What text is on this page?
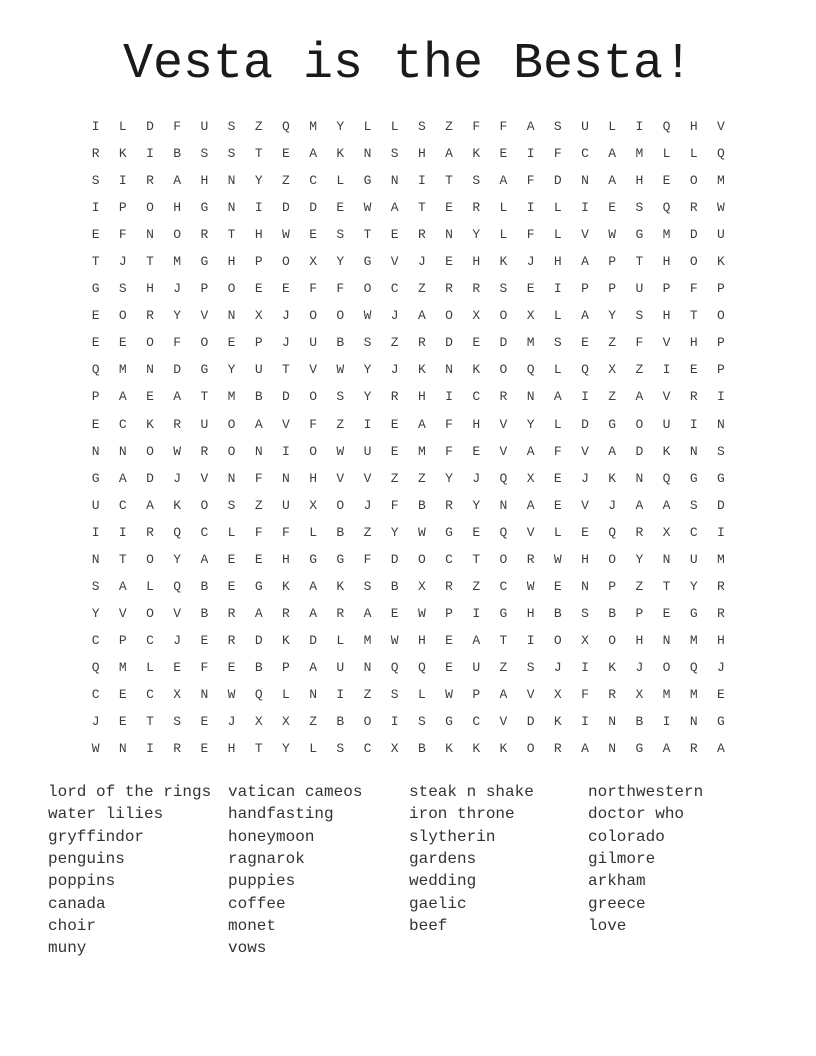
Vesta is the Besta!
I	L	D	F	U	S	Z	Q	M	Y	L	L	S	Z	F	F	A	S	U	L	I	Q	H	V
R	K	I	B	S	S	T	E	A	K	N	S	H	A	K	E	I	F	C	A	M	L	L	Q
S	I	R	A	H	N	Y	Z	C	L	G	N	I	T	S	A	F	D	N	A	H	E	O	M
I	P	O	H	G	N	I	D	D	E	W	A	T	E	R	L	I	L	I	E	S	Q	R	W
E	F	N	O	R	T	H	W	E	S	T	E	R	N	Y	L	F	L	V	W	G	M	D	U
T	J	T	M	G	H	P	O	X	Y	G	V	J	E	H	K	J	H	A	P	T	H	O	K
G	S	H	J	P	O	E	E	F	F	O	C	Z	R	R	S	E	I	P	P	U	P	F	P
E	O	R	Y	V	N	X	J	O	O	W	J	A	O	X	O	X	L	A	Y	S	H	T	O
E	E	O	F	O	E	P	J	U	B	S	Z	R	D	E	D	M	S	E	Z	F	V	H	P
Q	M	N	D	G	Y	U	T	V	W	Y	J	K	N	K	O	Q	L	Q	X	Z	I	E	P
P	A	E	A	T	M	B	D	O	S	Y	R	H	I	C	R	N	A	I	Z	A	V	R	I
E	C	K	R	U	O	A	V	F	Z	I	E	A	F	H	V	Y	L	D	G	O	U	I	N
N	N	O	W	R	O	N	I	O	W	U	E	M	F	E	V	A	F	V	A	D	K	N	S
G	A	D	J	V	N	F	N	H	V	V	Z	Z	Y	J	Q	X	E	J	K	N	Q	G	G
U	C	A	K	O	S	Z	U	X	O	J	F	B	R	Y	N	A	E	V	J	A	A	S	D
I	I	R	Q	C	L	F	F	L	B	Z	Y	W	G	E	Q	V	L	E	Q	R	X	C	I
N	T	O	Y	A	E	E	H	G	G	F	D	O	C	T	O	R	W	H	O	Y	N	U	M
S	A	L	Q	B	E	G	K	A	K	S	B	X	R	Z	C	W	E	N	P	Z	T	Y	R
Y	V	O	V	B	R	A	R	A	R	A	E	W	P	I	G	H	B	S	B	P	E	G	R
C	P	C	J	E	R	D	K	D	L	M	W	H	E	A	T	I	O	X	O	H	N	M	H
Q	M	L	E	F	E	B	P	A	U	N	Q	Q	E	U	Z	S	J	I	K	J	O	Q	J
C	E	C	X	N	W	Q	L	N	I	Z	S	L	W	P	A	V	X	F	R	X	M	M	E
J	E	T	S	E	J	X	X	Z	B	O	I	S	G	C	V	D	K	I	N	B	I	N	G
W	N	I	R	E	H	T	Y	L	S	C	X	B	K	K	K	O	R	A	N	G	A	R	A
lord of the rings
water lilies
gryffindor
penguins
poppins
canada
choir
muny
vatican cameos
handfasting
honeymoon
ragnarok
puppies
coffee
monet
vows
steak n shake
iron throne
slytherin
gardens
wedding
gaelic
beef
northwestern
doctor who
colorado
gilmore
arkham
greece
love
